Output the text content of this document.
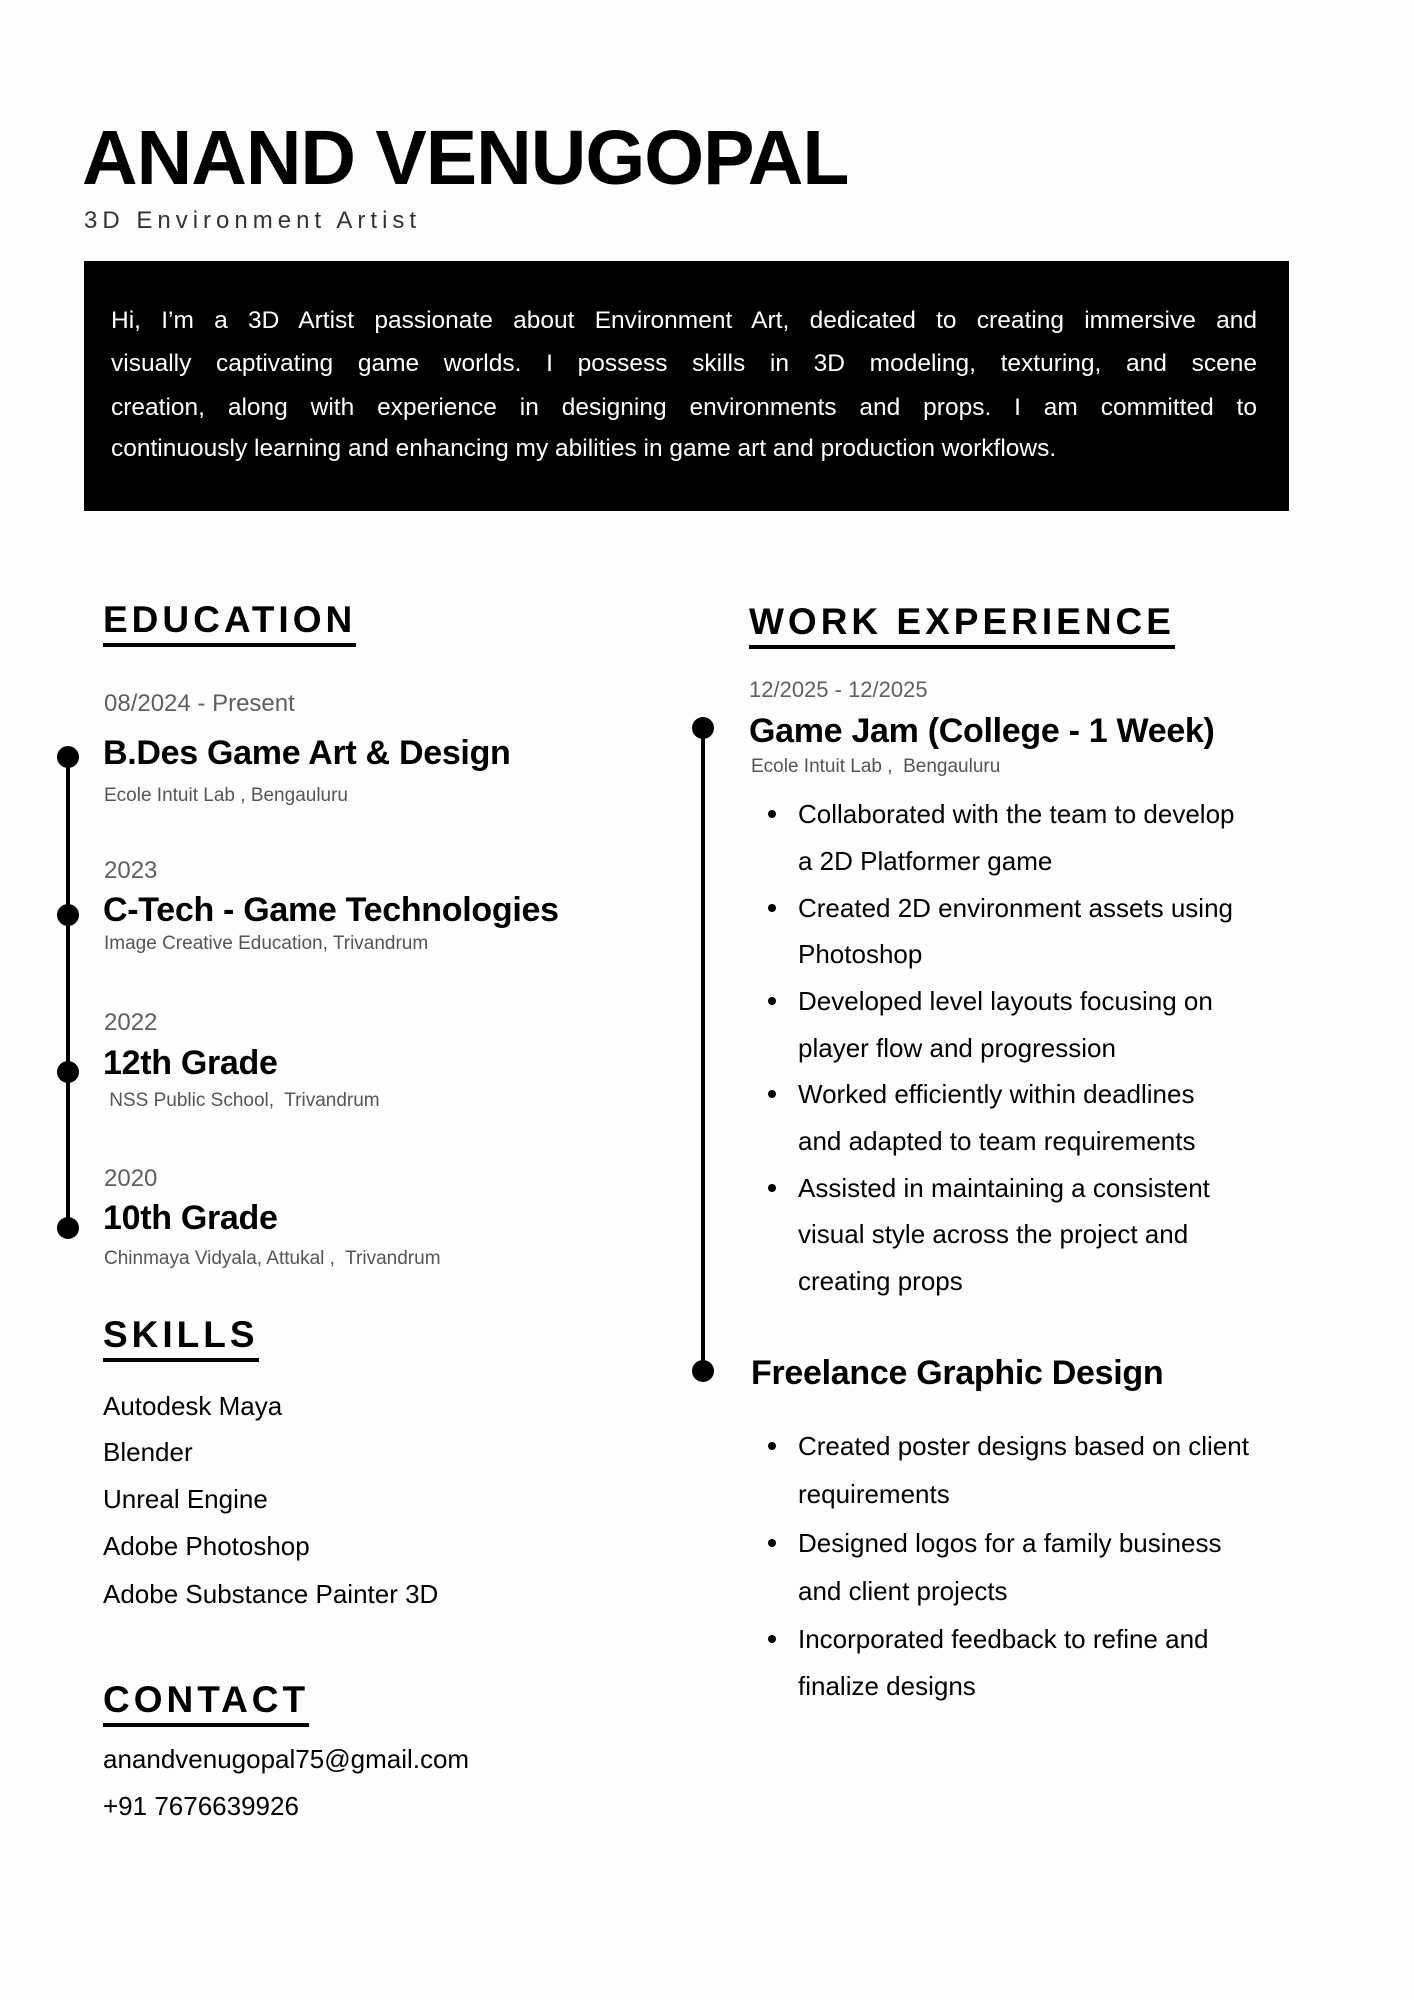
ANAND VENUGOPAL
3D Environment Artist
Hi, I’m a 3D Artist passionate about Environment Art, dedicated to creating immersive and
visually captivating game worlds. I possess skills in 3D modeling, texturing, and scene
creation, along with experience in designing environments and props. I am committed to
continuously learning and enhancing my abilities in game art and production workflows.
EDUCATION
08/2024 - Present
B.Des Game Art & Design
Ecole Intuit Lab , Bengauluru
2023
C-Tech - Game Technologies
Image Creative Education, Trivandrum
2022
12th Grade
NSS Public School,  Trivandrum
2020
10th Grade
Chinmaya Vidyala, Attukal ,  Trivandrum
SKILLS
Autodesk Maya
Blender
Unreal Engine
Adobe Photoshop
Adobe Substance Painter 3D
CONTACT
anandvenugopal75@gmail.com
+91 7676639926
WORK EXPERIENCE
12/2025 - 12/2025
Game Jam (College - 1 Week)
Ecole Intuit Lab ,  Bengauluru
Collaborated with the team to develop
a 2D Platformer game
Created 2D environment assets using
Photoshop
Developed level layouts focusing on
player flow and progression
Worked efficiently within deadlines
and adapted to team requirements
Assisted in maintaining a consistent
visual style across the project and
creating props
Freelance Graphic Design
Created poster designs based on client
requirements
Designed logos for a family business
and client projects
Incorporated feedback to refine and
finalize designs
